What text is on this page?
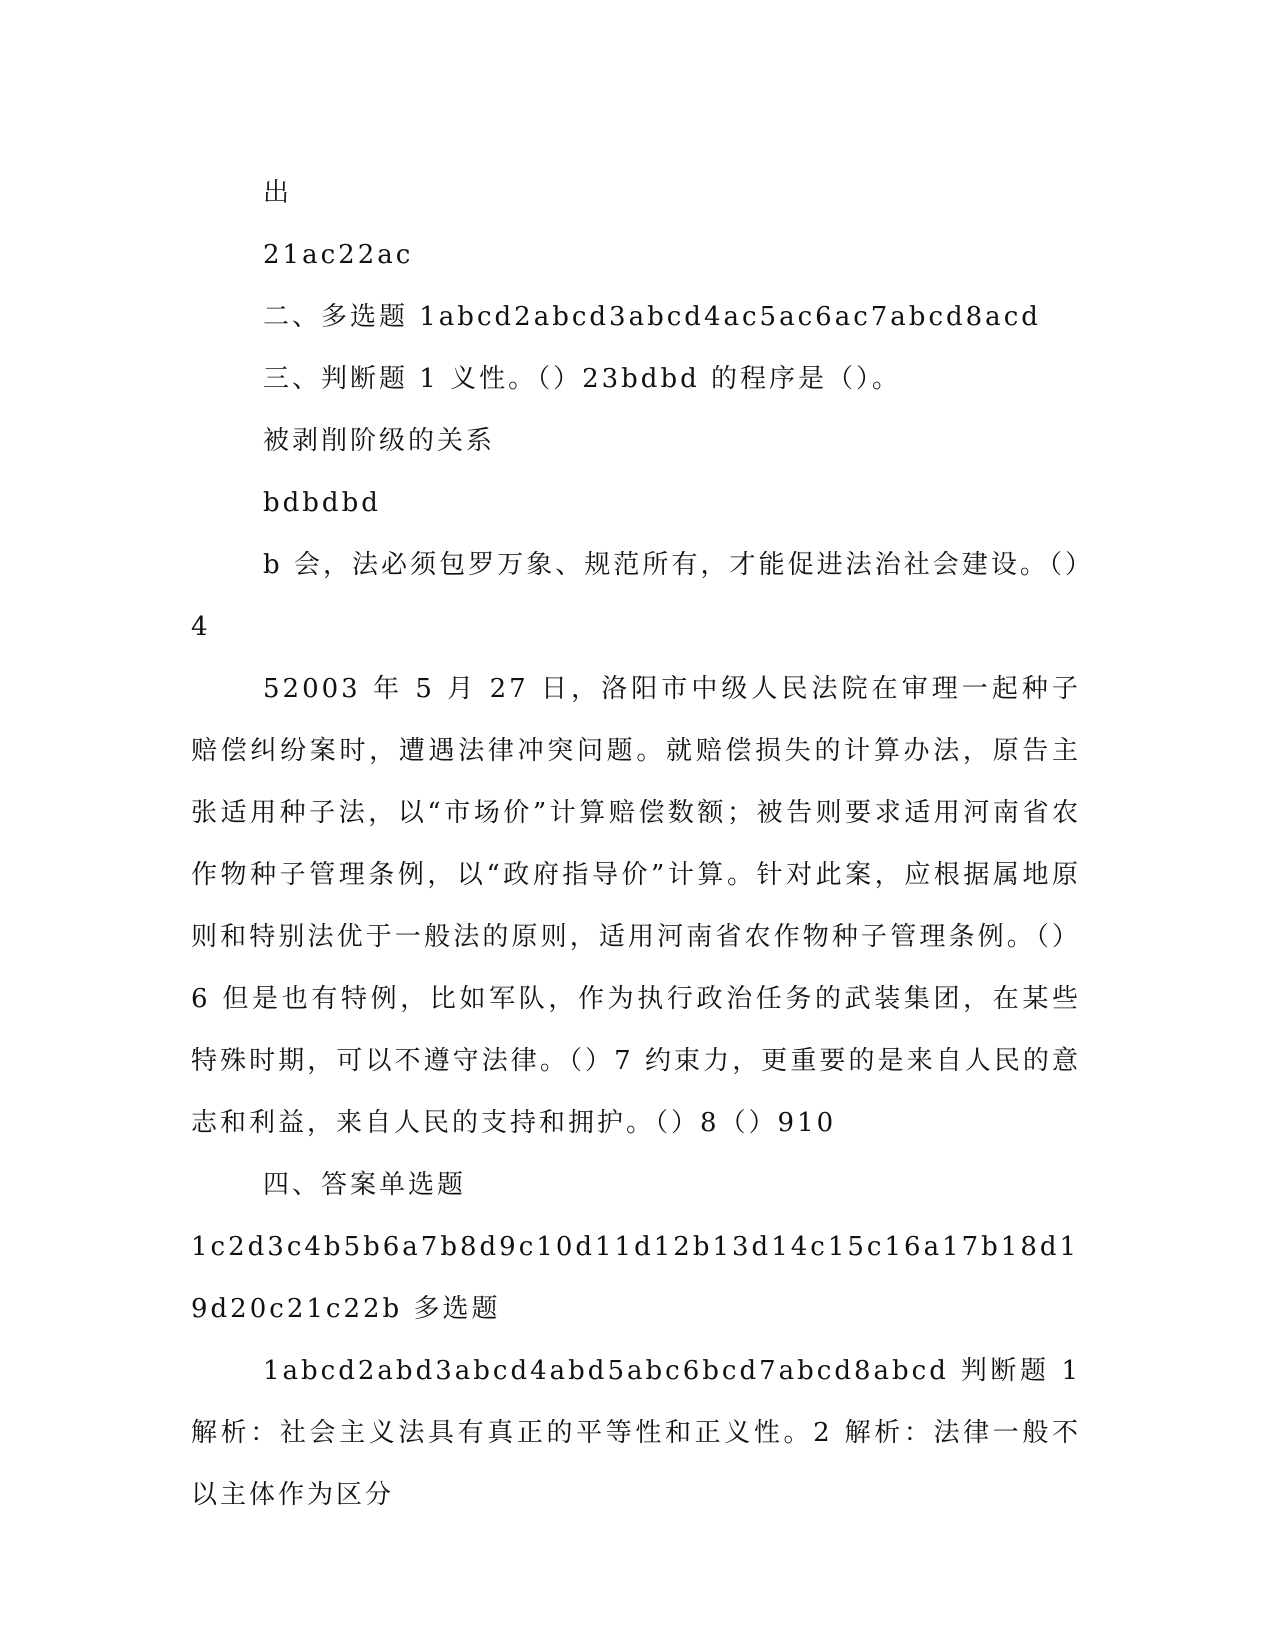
出

21ac22ac

二、多选题 1abcd2abcd3abcd4ac5ac6ac7abcd8acd

三、判断题 1 义性。（）23bdbd 的程序是（）。

被剥削阶级的关系

bdbdbd

b 会，法必须包罗万象、规范所有，才能促进法治社会建设。（）4

52003 年 5 月 27 日，洛阳市中级人民法院在审理一起种子赔偿纠纷案时，遭遇法律冲突问题。就赔偿损失的计算办法，原告主张适用种子法，以“市场价”计算赔偿数额；被告则要求适用河南省农作物种子管理条例，以“政府指导价”计算。针对此案，应根据属地原则和特别法优于一般法的原则，适用河南省农作物种子管理条例。（）6 但是也有特例，比如军队，作为执行政治任务的武装集团，在某些特殊时期，可以不遵守法律。（）7 约束力，更重要的是来自人民的意志和利益，来自人民的支持和拥护。（）8（）910

四、答案单选题

1c2d3c4b5b6a7b8d9c10d11d12b13d14c15c16a17b18d19d20c21c22b 多选题

1abcd2abd3abcd4abd5abc6bcd7abcd8abcd 判断题 1 解析：社会主义法具有真正的平等性和正义性。2 解析：法律一般不以主体作为区分
